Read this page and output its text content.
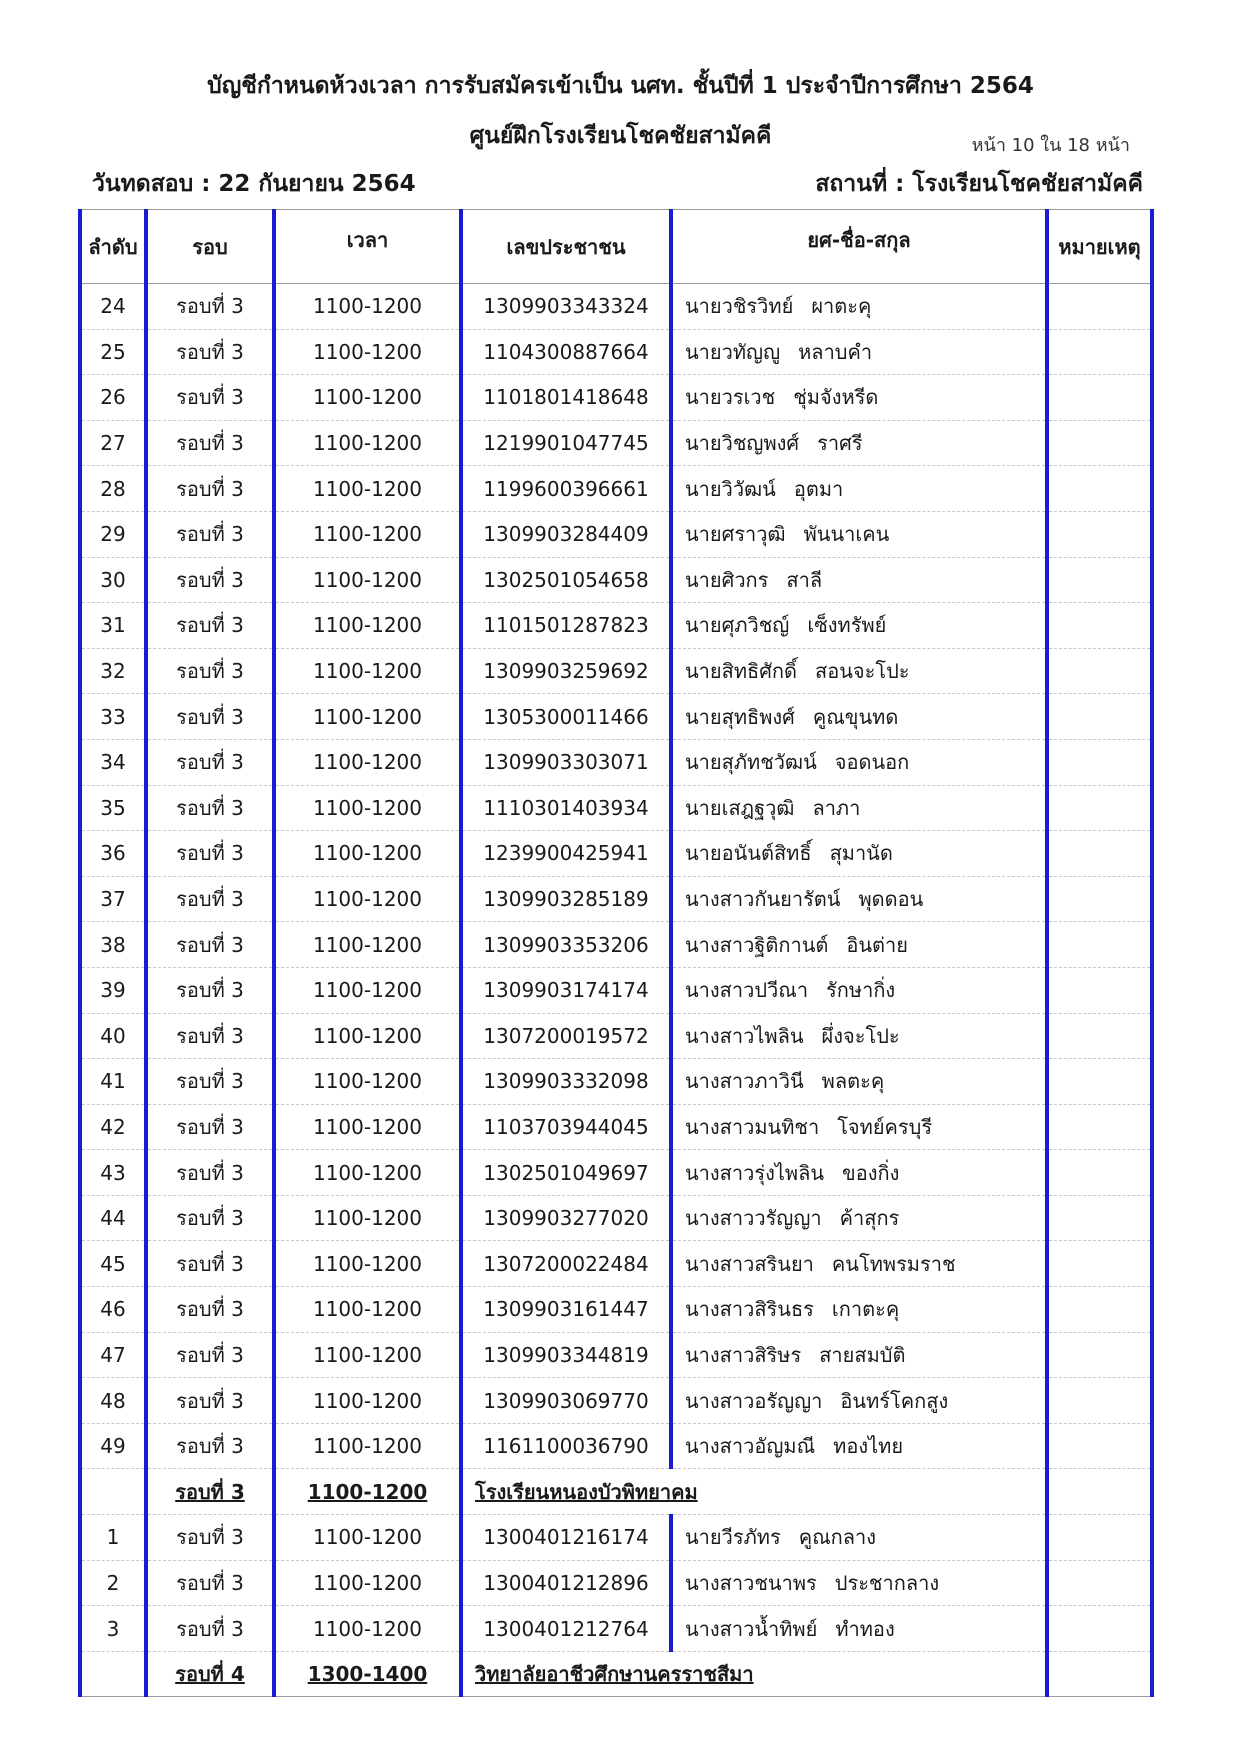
บัญชีกำหนดห้วงเวลา การรับสมัครเข้าเป็น นศท. ชั้นปีที่ 1 ประจำปีการศึกษา 2564
ศูนย์ฝึกโรงเรียนโชคชัยสามัคคี	หน้า 10 ใน 18 หน้า
วันทดสอบ : 22 กันยายน 2564	สถานที่ : โรงเรียนโชคชัยสามัคคี
ลำดับ	รอบ	เวลา	เลขประชาชน	ยศ-ชื่อ-สกุล	หมายเหตุ
24	รอบที่ 3	1100-1200	1309903343324	นายวชิรวิทย์ ผาตะคุ	
25	รอบที่ 3	1100-1200	1104300887664	นายวทัญญู หลาบคำ	
26	รอบที่ 3	1100-1200	1101801418648	นายวรเวช ชุ่มจังหรีด	
27	รอบที่ 3	1100-1200	1219901047745	นายวิชญพงศ์ ราศรี	
28	รอบที่ 3	1100-1200	1199600396661	นายวิวัฒน์ อุตมา	
29	รอบที่ 3	1100-1200	1309903284409	นายศราวุฒิ พันนาเคน	
30	รอบที่ 3	1100-1200	1302501054658	นายศิวกร สาลี	
31	รอบที่ 3	1100-1200	1101501287823	นายศุภวิชญ์ เซ็งทรัพย์	
32	รอบที่ 3	1100-1200	1309903259692	นายสิทธิศักดิ์ สอนจะโปะ	
33	รอบที่ 3	1100-1200	1305300011466	นายสุทธิพงศ์ คูณขุนทด	
34	รอบที่ 3	1100-1200	1309903303071	นายสุภัทชวัฒน์ จอดนอก	
35	รอบที่ 3	1100-1200	1110301403934	นายเสฎฐวุฒิ ลาภา	
36	รอบที่ 3	1100-1200	1239900425941	นายอนันต์สิทธิ์ สุมานัด	
37	รอบที่ 3	1100-1200	1309903285189	นางสาวกันยารัตน์ พุดดอน	
38	รอบที่ 3	1100-1200	1309903353206	นางสาวฐิติกานต์ อินต่าย	
39	รอบที่ 3	1100-1200	1309903174174	นางสาวปวีณา รักษากิ่ง	
40	รอบที่ 3	1100-1200	1307200019572	นางสาวไพลิน ผึ่งจะโปะ	
41	รอบที่ 3	1100-1200	1309903332098	นางสาวภาวินี พลตะคุ	
42	รอบที่ 3	1100-1200	1103703944045	นางสาวมนทิชา โจทย์ครบุรี	
43	รอบที่ 3	1100-1200	1302501049697	นางสาวรุ่งไพลิน ของกิ่ง	
44	รอบที่ 3	1100-1200	1309903277020	นางสาววรัญญา ค้าสุกร	
45	รอบที่ 3	1100-1200	1307200022484	นางสาวสรินยา คนโทพรมราช	
46	รอบที่ 3	1100-1200	1309903161447	นางสาวสิรินธร เกาตะคุ	
47	รอบที่ 3	1100-1200	1309903344819	นางสาวสิริษร สายสมบัติ	
48	รอบที่ 3	1100-1200	1309903069770	นางสาวอรัญญา อินทร์โคกสูง	
49	รอบที่ 3	1100-1200	1161100036790	นางสาวอัญมณี ทองไทย	
	รอบที่ 3	1100-1200	โรงเรียนหนองบัวพิทยาคม		
1	รอบที่ 3	1100-1200	1300401216174	นายวีรภัทร คูณกลาง	
2	รอบที่ 3	1100-1200	1300401212896	นางสาวชนาพร ประชากลาง	
3	รอบที่ 3	1100-1200	1300401212764	นางสาวน้ำทิพย์ ทำทอง	
	รอบที่ 4	1300-1400	วิทยาลัยอาชีวศึกษานครราชสีมา		
